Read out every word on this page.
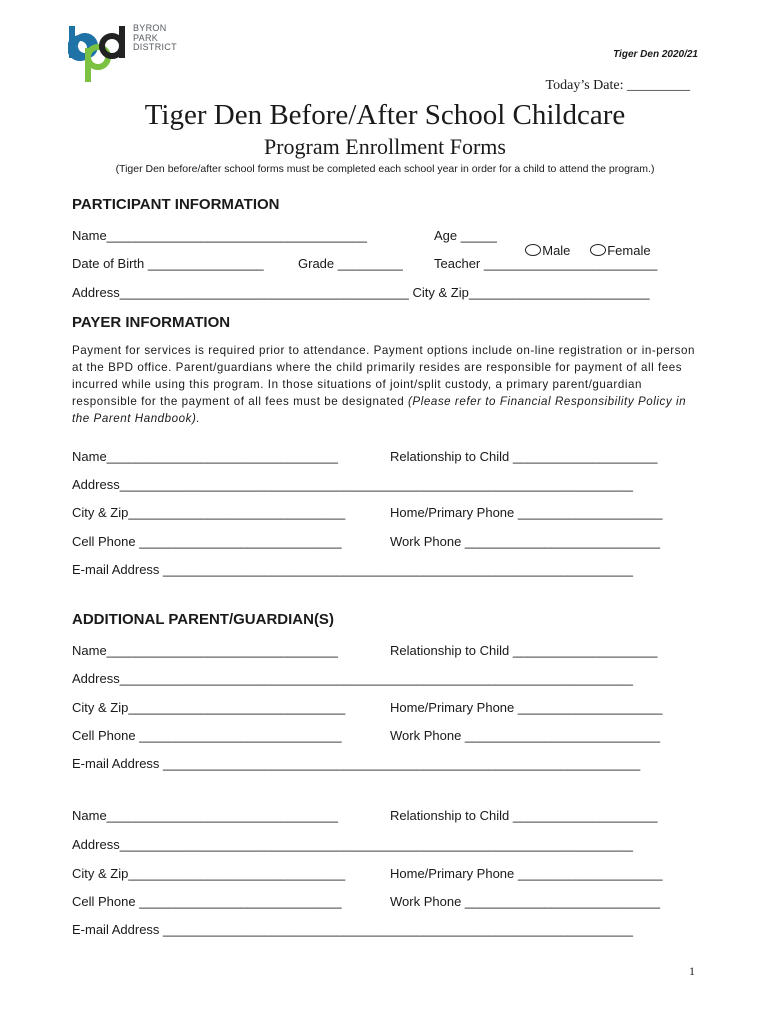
BYRON
PARK
DISTRICT
Tiger Den 2020/21
Today’s Date: _________
Tiger Den Before/After School Childcare
Program Enrollment Forms
(Tiger Den before/after school forms must be completed each school year in order for a child to attend the program.)
PARTICIPANT INFORMATION
Name____________________________________	Age _____

Male	Female

Date of Birth ________________	Grade _________ Teacher ________________________
Address________________________________________ City & Zip_________________________
PAYER INFORMATION
Payment for services is required prior to attendance. Payment options include on-line registration or in-person at the BPD office. Parent/guardians where the child primarily resides are responsible for payment of all fees incurred while using this program. In those situations of joint/split custody, a primary parent/guardian responsible for the payment of all fees must be designated (Please refer to Financial Responsibility Policy in the Parent Handbook).
Name________________________________	Relationship to Child ____________________
Address_______________________________________________________________________
City & Zip______________________________	Home/Primary Phone ____________________
Cell Phone ____________________________	Work Phone ___________________________
E-mail Address _________________________________________________________________
ADDITIONAL PARENT/GUARDIAN(S)
Name________________________________	Relationship to Child ____________________
Address_______________________________________________________________________
City & Zip______________________________	Home/Primary Phone ____________________
Cell Phone ____________________________	Work Phone ___________________________
E-mail Address __________________________________________________________________
Name________________________________	Relationship to Child ____________________
Address_______________________________________________________________________
City & Zip______________________________	Home/Primary Phone ____________________
Cell Phone ____________________________	Work Phone ___________________________
E-mail Address _________________________________________________________________
1
